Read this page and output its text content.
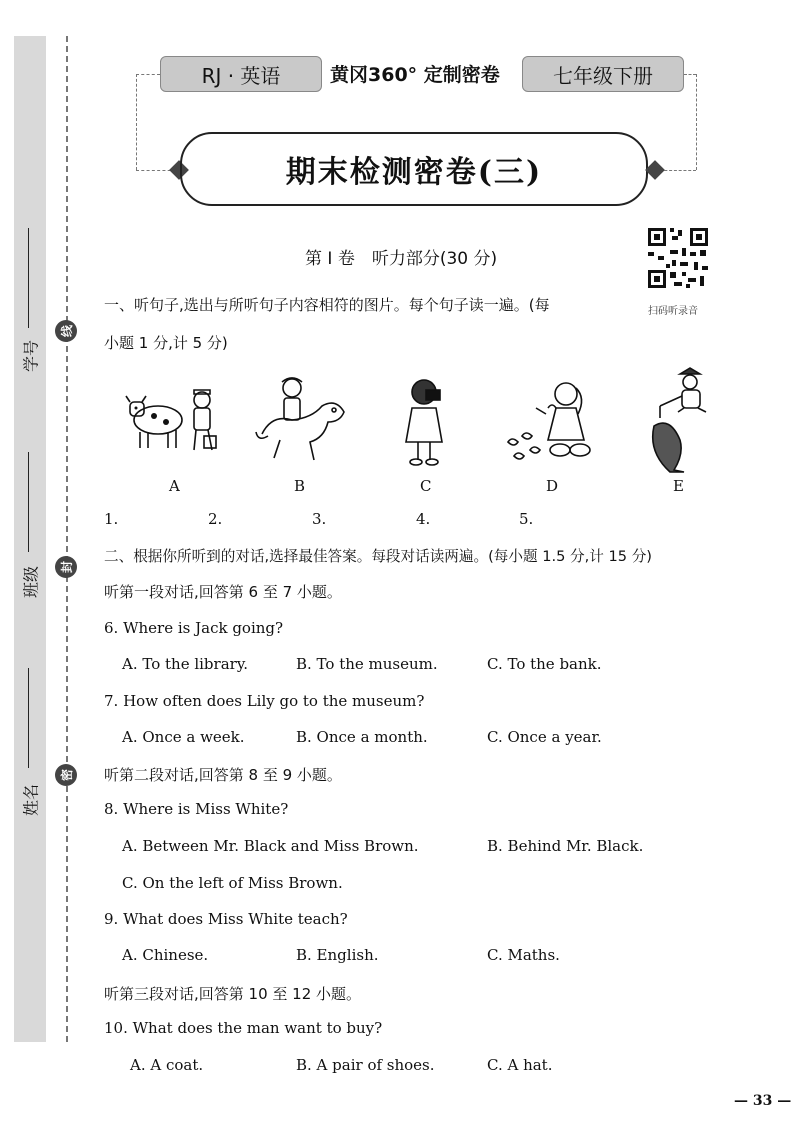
学号
班级
姓名
线
封
密
RJ · 英语	黄冈360° 定制密卷	七年级下册
期末检测密卷(三)
扫码听录音
第 Ⅰ 卷　听力部分(30 分)
一、听句子,选出与所听句子内容相符的图片。每个句子读一遍。(每
小题 1 分,计 5 分)
A	B	C	D	E
1.	2.	3.	4.	5.
二、根据你所听到的对话,选择最佳答案。每段对话读两遍。(每小题 1.5 分,计 15 分)
听第一段对话,回答第 6 至 7 小题。
6. Where is Jack going?
A. To the library.	B. To the museum.	C. To the bank.
7. How often does Lily go to the museum?
A. Once a week.	B. Once a month.	C. Once a year.
听第二段对话,回答第 8 至 9 小题。
8. Where is Miss White?
A. Between Mr. Black and Miss Brown.	B. Behind Mr. Black.
C. On the left of Miss Brown.
9. What does Miss White teach?
A. Chinese.	B. English.	C. Maths.
听第三段对话,回答第 10 至 12 小题。
10. What does the man want to buy?
A. A coat.	B. A pair of shoes.	C. A hat.
— 33 —
